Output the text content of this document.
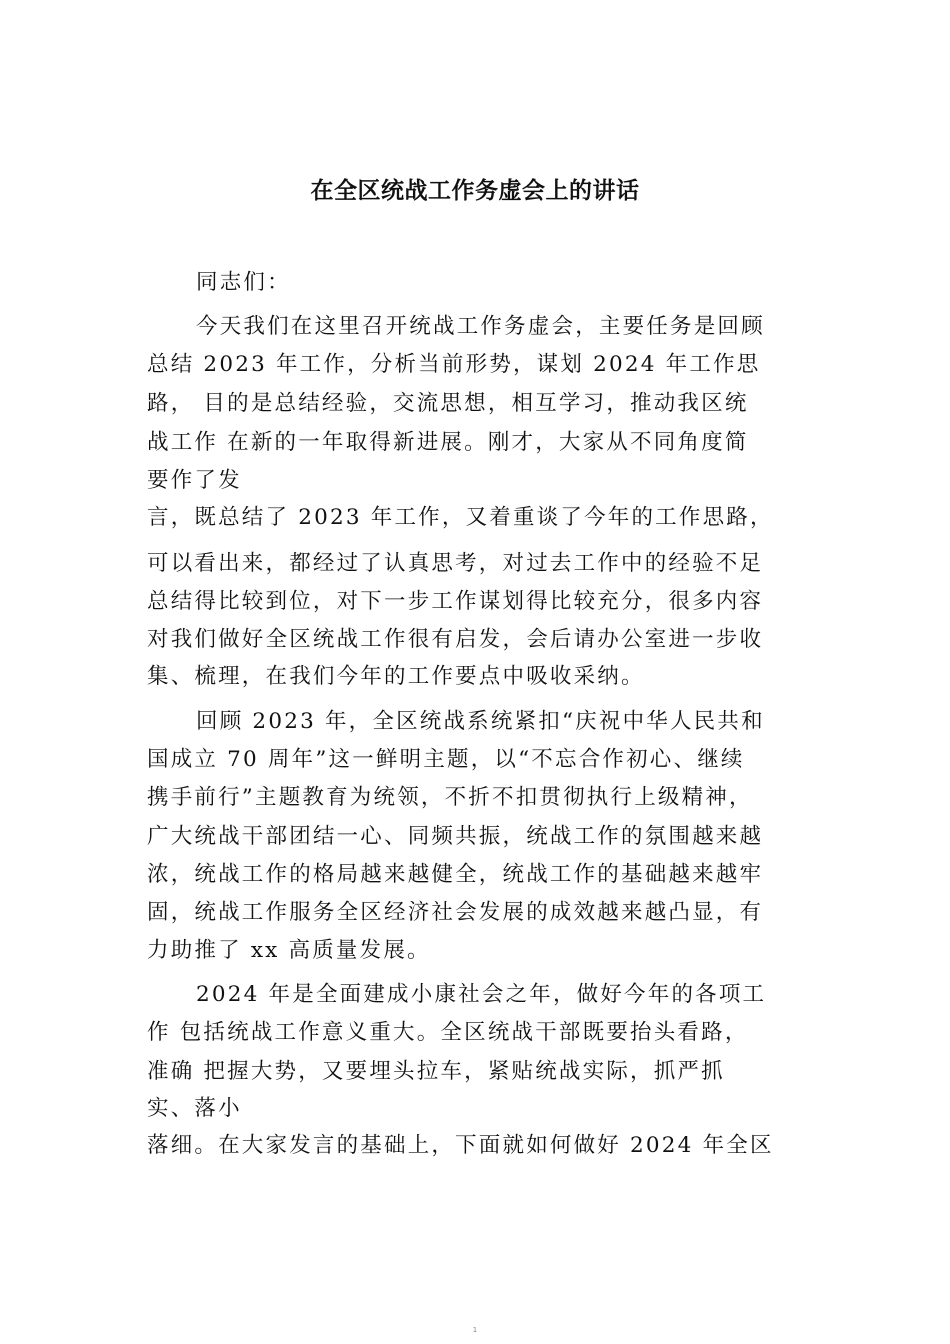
在全区统战工作务虚会上的讲话
同志们：
今天我们在这里召开统战工作务虚会，主要任务是回顾
总结 2023 年工作，分析当前形势，谋划 2024 年工作思
路， 目的是总结经验，交流思想，相互学习，推动我区统
战工作 在新的一年取得新进展。刚才，大家从不同角度简
要作了发
言，既总结了 2023 年工作，又着重谈了今年的工作思路，
可以看出来，都经过了认真思考，对过去工作中的经验不足
总结得比较到位，对下一步工作谋划得比较充分，很多内容
对我们做好全区统战工作很有启发，会后请办公室进一步收
集、梳理，在我们今年的工作要点中吸收采纳。
回顾 2023 年，全区统战系统紧扣“庆祝中华人民共和
国成立 70 周年”这一鲜明主题，以“不忘合作初心、继续
携手前行”主题教育为统领，不折不扣贯彻执行上级精神，
广大统战干部团结一心、同频共振，统战工作的氛围越来越
浓，统战工作的格局越来越健全，统战工作的基础越来越牢
固，统战工作服务全区经济社会发展的成效越来越凸显，有
力助推了 xx 高质量发展。
2024 年是全面建成小康社会之年，做好今年的各项工
作 包括统战工作意义重大。全区统战干部既要抬头看路，
准确 把握大势，又要埋头拉车，紧贴统战实际，抓严抓
实、落小
落细。在大家发言的基础上，下面就如何做好 2024 年全区
1
